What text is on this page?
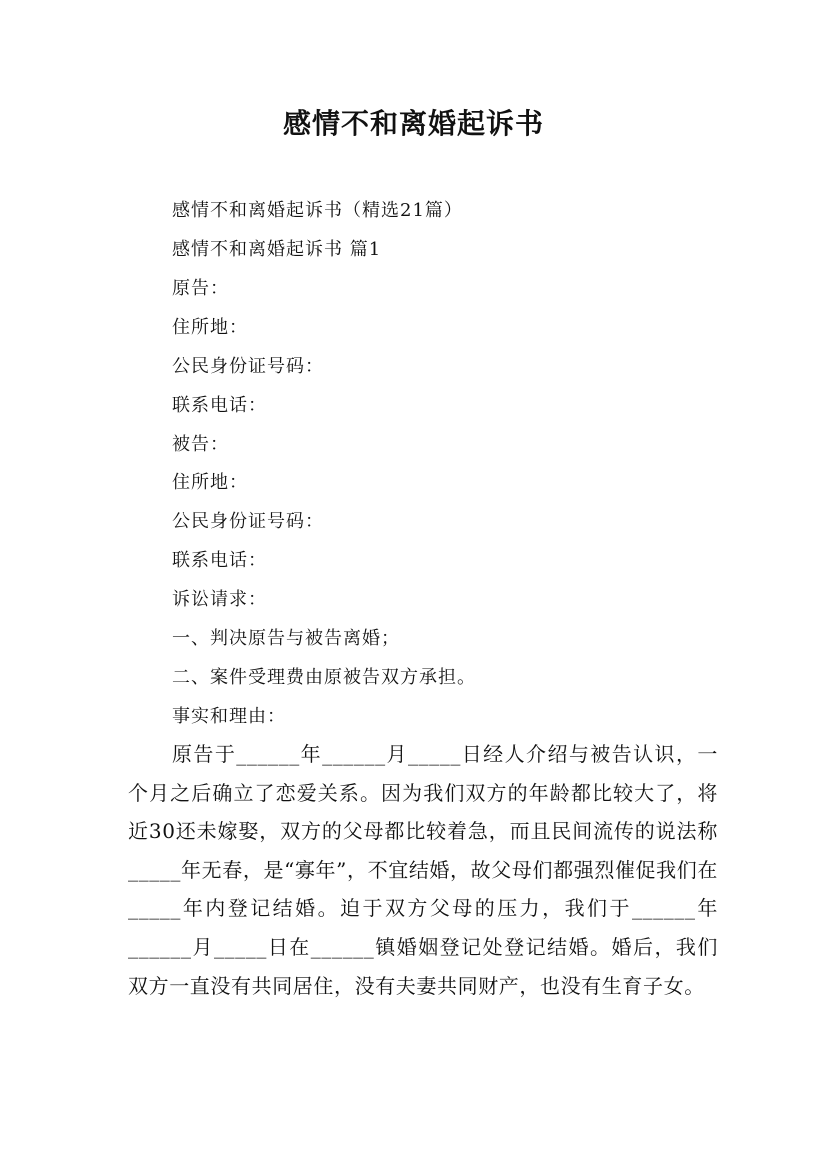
感情不和离婚起诉书
感情不和离婚起诉书（精选21篇）
感情不和离婚起诉书 篇1
原告：
住所地：
公民身份证号码：
联系电话：
被告：
住所地：
公民身份证号码：
联系电话：
诉讼请求：
一、判决原告与被告离婚；
二、案件受理费由原被告双方承担。
事实和理由：
原告于______年______月_____日经人介绍与被告认识，一个月之后确立了恋爱关系。因为我们双方的年龄都比较大了，将近30还未嫁娶，双方的父母都比较着急，而且民间流传的说法称_____年无春，是“寡年”，不宜结婚，故父母们都强烈催促我们在_____年内登记结婚。迫于双方父母的压力，我们于______年______月_____日在______镇婚姻登记处登记结婚。婚后，我们双方一直没有共同居住，没有夫妻共同财产，也没有生育子女。
